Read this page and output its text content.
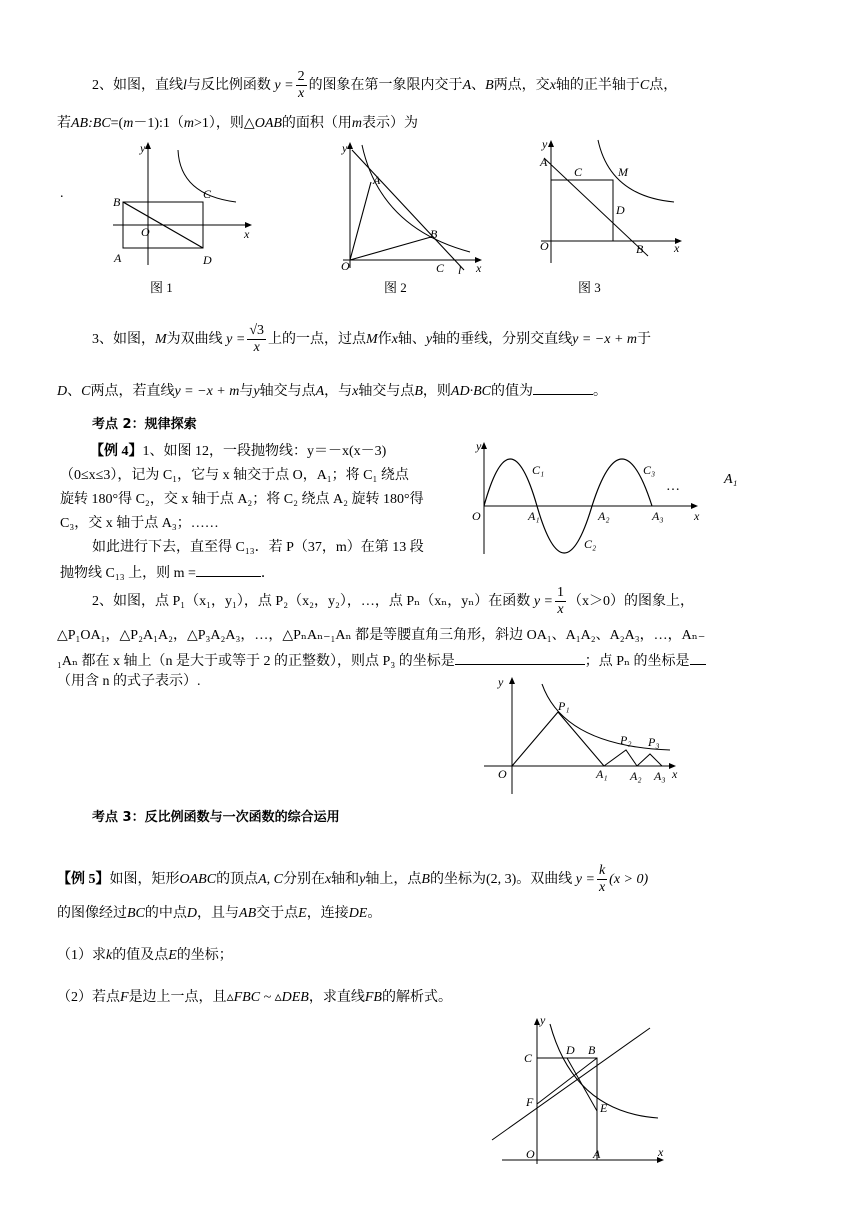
2、如图，直线l与反比例函数 $y = \frac{2}{x}$ 的图象在第一象限内交于A、B两点，交x轴的正半轴于C点，
若AB:BC=(m－1):1（m>1），则△OAB的面积（用m表示）为
.
y
x
B
C
O
A	D
图 1
y
A
B
O	C l x
图 2
y
A
C	M
D
O	B	x
图 3
3、如图，M为双曲线 $y = \frac{√3}{x}$ 上的一点，过点M作x轴、y轴的垂线，分别交直线y = −x + m于
D、C两点，若直线y = −x + m与y轴交与点A，与x轴交与点B，则AD·BC的值为	。
考点 2：规律探索
【例 4】1、如图 12，一段抛物线：y＝－x(x－3)
（0≤x≤3），记为 C₁，它与 x 轴交于点 O，A₁；将 C₁ 绕点
旋转 180°得 C₂，交 x 轴于点 A₂；将 C₂ 绕点 A₂ 旋转 180°得
C₃，交 x 轴于点 A₃；……
如此进行下去，直至得 C₁₃．若 P（37，m）在第 13 段
抛物线 C₁₃ 上，则 m =	．
A₁
y
O	x
C₁
C₂
C₃
A₁	A₂	A₃
…
2、如图，点 P₁（x₁，y₁），点 P₂（x₂，y₂），…，点 Pₙ（xₙ，yₙ）在函数 $y = \frac{1}{x} (x>0)$的图象上，
△P₁OA₁，△P₂A₁A₂，△P₃A₂A₃，…，△PₙAₙ₋₁Aₙ 都是等腰直角三角形，斜边 OA₁、A₁A₂、A₂A₃，…，Aₙ₋
₁Aₙ 都在 x 轴上（n 是大于或等于 2 的正整数），则点 P₃ 的坐标是	；点 Pₙ 的坐标是
（用含 n 的式子表示）.	y
O	x
P₁
P₂ P₃
A₁ A₂ A₃
考点 3：反比例函数与一次函数的综合运用
【例 5】如图，矩形OABC的顶点A, C分别在x轴和y轴上，点B的坐标为(2, 3)。双曲线 $y = \frac{k}{x} (x > 0)$
的图像经过BC的中点D，且与AB交于点E，连接DE。
（1）求k的值及点E的坐标；
（2）若点F是边上一点，且▵FBC ~ ▵DEB，求直线FB的解析式。
y
C
D B
E
F
O	A	x
